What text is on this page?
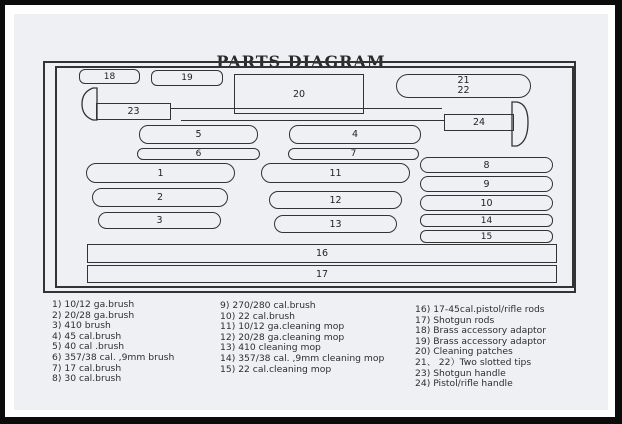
PARTS DIAGRAM
18	19
20
21
22
23
24
5	4
6	7
8
1	11
9
2	12	10
3	13	14
15
16
17
1) 10/12 ga.brush
2) 20/28 ga.brush
3) 410 brush
4) 45 cal.brush
5) 40 cal .brush
6) 357/38 cal. ,9mm brush
7) 17 cal.brush
8) 30 cal.brush
9) 270/280 cal.brush
10) 22 cal.brush
11) 10/12 ga.cleaning mop
12) 20/28 ga.cleaning mop
13) 410 cleaning mop
14) 357/38 cal. ,9mm cleaning mop
15) 22 cal.cleaning mop
16) 17-45cal.pistol/rifle rods
17) Shotgun rods
18) Brass accessory adaptor
19) Brass accessory adaptor
20) Cleaning patches
21、 22）Two slotted tips
23) Shotgun handle
24) Pistol/rifle handle
